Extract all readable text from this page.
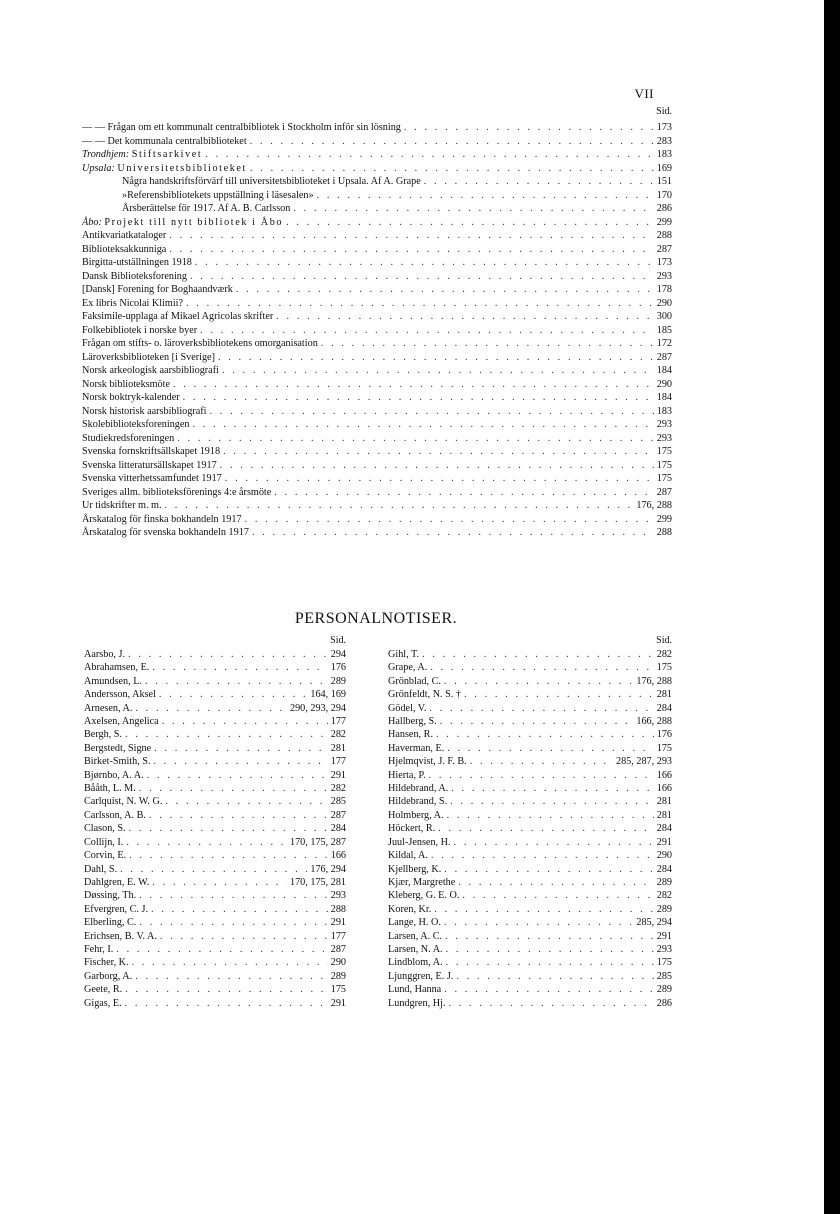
VII
Sid.
— — Frågan om ett kommunalt centralbibliotek i Stockholm inför sin lösning . . .	173
— — Det kommunala centralbiblioteket . . .	283
Trondhjem: Stiftsarkivet . . .	183
Upsala: Universitetsbiblioteket . . .	169
Några handskriftsförvärf till universitetsbiblioteket i Upsala. Af A. Grape . . .	151
»Referensbibliotekets uppställning i läsesalen» . . .	170
Årsberättelse för 1917. Af A. B. Carlsson . . .	286
Åbo: Projekt till nytt bibliotek i Åbo . . .	299
Antikvariatkataloger . . .	288
Biblioteksakkunniga . . .	287
Birgitta-utställningen 1918 . . .	173
Dansk Biblioteksforening . . .	293
[Dansk] Forening for Boghaandværk . . .	178
Ex libris Nicolai Klimii? . . .	290
Faksimile-upplaga af Mikael Agricolas skrifter . . .	300
Folkebibliotek i norske byer . . .	185
Frågan om stifts- o. läroverksbibliotekens omorganisation . . .	172
Läroverksbiblioteken [i Sverige] . . .	287
Norsk arkeologisk aarsbibliografi . . .	184
Norsk biblioteksmöte . . .	290
Norsk boktryk-kalender . . .	184
Norsk historisk aarsbibliografi . . .	183
Skolebiblioteksforeningen . . .	293
Studiekredsforeningen . . .	293
Svenska fornskriftsällskapet 1918 . . .	175
Svenska litteratursällskapet 1917 . . .	175
Svenska vitterhetssamfundet 1917 . . .	175
Sveriges allm. biblioteksförenings 4:e årsmöte . . .	287
Ur tidskrifter m. m. . . .	176, 288
Årskatalog för finska bokhandeln 1917 . . .	299
Årskatalog för svenska bokhandeln 1917 . . .	288
PERSONALNOTISER.
Sid.	Sid.
Aarsbo, J. . . .	294
Abrahamsen, E. . . .	176
Amundsen, L. . . .	289
Andersson, Aksel . . .	164, 169
Arnesen, A. . . .	290, 293, 294
Axelsen, Angelica . . .	177
Bergh, S. . . .	282
Bergstedt, Signe . . .	281
Birket-Smith, S. . . .	177
Bjørnbo, A. A. . . .	291
Bååth, L. M. . . .	282
Carlquist, N. W. G. . . .	285
Carlsson, A. B. . . .	287
Clason, S. . . .	284
Collijn, I. . . .	170, 175, 287
Corvin, E. . . .	166
Dahl, S. . . .	176, 294
Dahlgren, E. W. . . .	170, 175, 281
Døssing, Th. . . .	293
Efvergren, C. J. . . .	288
Elberling, C. . . .	291
Erichsen, B. V. A. . . .	177
Fehr, I. . . .	287
Fischer, K. . . .	290
Garborg, A. . . .	289
Geete, R. . . .	175
Gigas, E. . . .	291
Gihl, T. . . .	282
Grape, A. . . .	175
Grönblad, C. . . .	176, 288
Grönfeldt, N. S. † . . .	281
Gödel, V. . . .	284
Hallberg, S. . . .	166, 288
Hansen, R. . . .	176
Haverman, E. . . .	175
Hjelmqvist, J. F. B. . . .	285, 287, 293
Hierta, P. . . .	166
Hildebrand, A. . . .	166
Hildebrand, S. . . .	281
Holmberg, A. . . .	281
Höckert, R. . . .	284
Juul-Jensen, H. . . .	291
Kildal, A. . . .	290
Kjellberg, K. . . .	284
Kjær, Margrethe . . .	289
Kleberg, G. E. O. . . .	282
Koren, Kr. . . .	289
Lange, H. O. . . .	285, 294
Larsen, A. C. . . .	291
Larsen, N. A. . . .	293
Lindblom, A. . . .	175
Ljunggren, E. J. . . .	285
Lund, Hanna . . .	289
Lundgren, Hj. . . .	286
